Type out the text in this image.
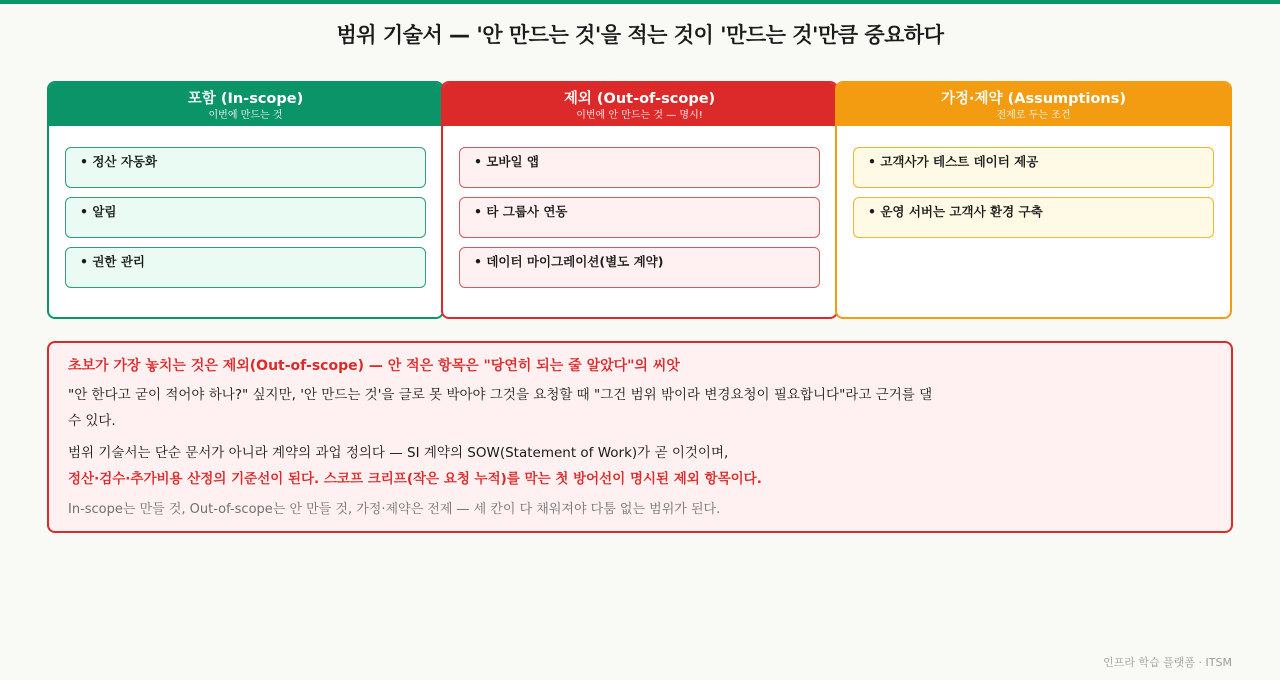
범위 기술서 — '안 만드는 것'을 적는 것이 '만드는 것'만큼 중요하다
포함 (In-scope)
이번에 만드는 것
• 정산 자동화
• 알림
• 권한 관리
제외 (Out-of-scope)
이번에 안 만드는 것 — 명시!
• 모바일 앱
• 타 그룹사 연동
• 데이터 마이그레이션(별도 계약)
가정·제약 (Assumptions)
전제로 두는 조건
• 고객사가 테스트 데이터 제공
• 운영 서버는 고객사 환경 구축
초보가 가장 놓치는 것은 제외(Out-of-scope) — 안 적은 항목은 "당연히 되는 줄 알았다"의 씨앗
"안 한다고 굳이 적어야 하나?" 싶지만, '안 만드는 것'을 글로 못 박아야 그것을 요청할 때 "그건 범위 밖이라 변경요청이 필요합니다"라고 근거를 댈 수 있다.
범위 기술서는 단순 문서가 아니라 계약의 과업 정의다 — SI 계약의 SOW(Statement of Work)가 곧 이것이며,
정산·검수·추가비용 산정의 기준선이 된다. 스코프 크리프(작은 요청 누적)를 막는 첫 방어선이 명시된 제외 항목이다.
In-scope는 만들 것, Out-of-scope는 안 만들 것, 가정·제약은 전제 — 세 칸이 다 채워져야 다툼 없는 범위가 된다.
인프라 학습 플랫폼 · ITSM
